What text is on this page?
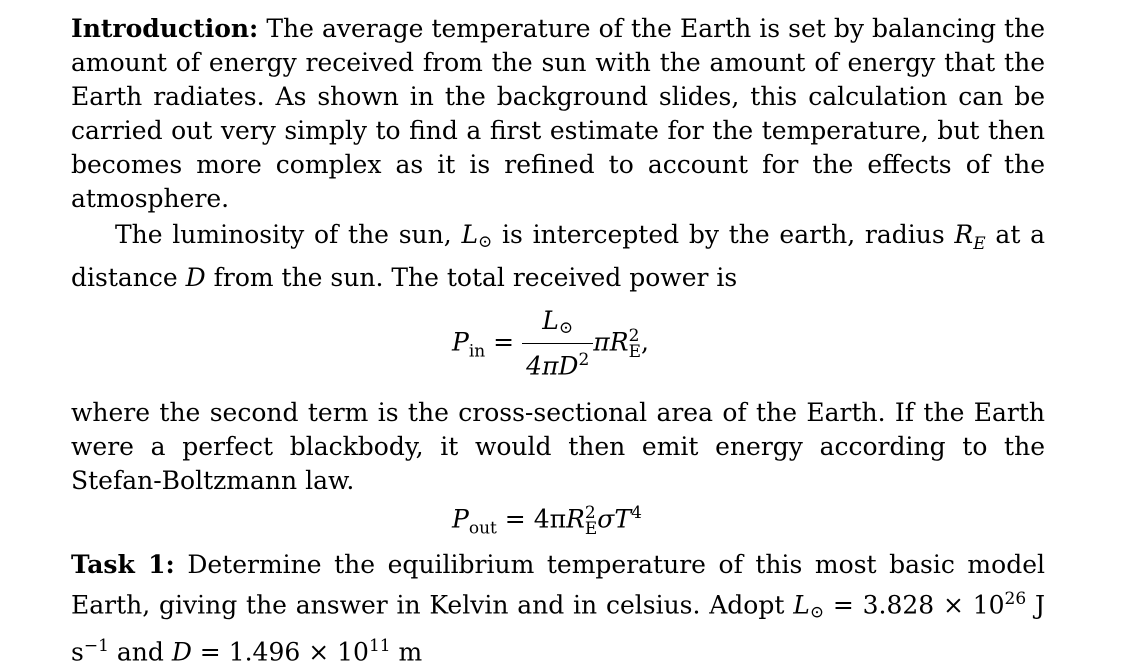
Introduction: The average temperature of the Earth is set by balancing the amount of energy received from the sun with the amount of energy that the Earth radiates. As shown in the background slides, this calculation can be carried out very simply to find a first estimate for the temperature, but then becomes more complex as it is refined to account for the effects of the atmosphere.

The luminosity of the sun, $L_⊙$ is intercepted by the earth, radius $R_E$ at a distance D from the sun. The total received power is

$P_{in} = \frac{L_⊙}{4\pi D^2}$ πR 2
E ,

where the second term is the cross-sectional area of the Earth. If the Earth were a perfect blackbody, it would then emit energy according to the Stefan-Boltzmann law.

$P_{out} = 4\pi R$ 2
E $\sigma T^4$

Task 1: Determine the equilibrium temperature of this most basic model Earth, giving the answer in Kelvin and in celsius. Adopt $L_⊙ = 3.828 \times 10^{26}$ J $s^{-1}$ and $D = 1.496 \times 10^{11}$ m
